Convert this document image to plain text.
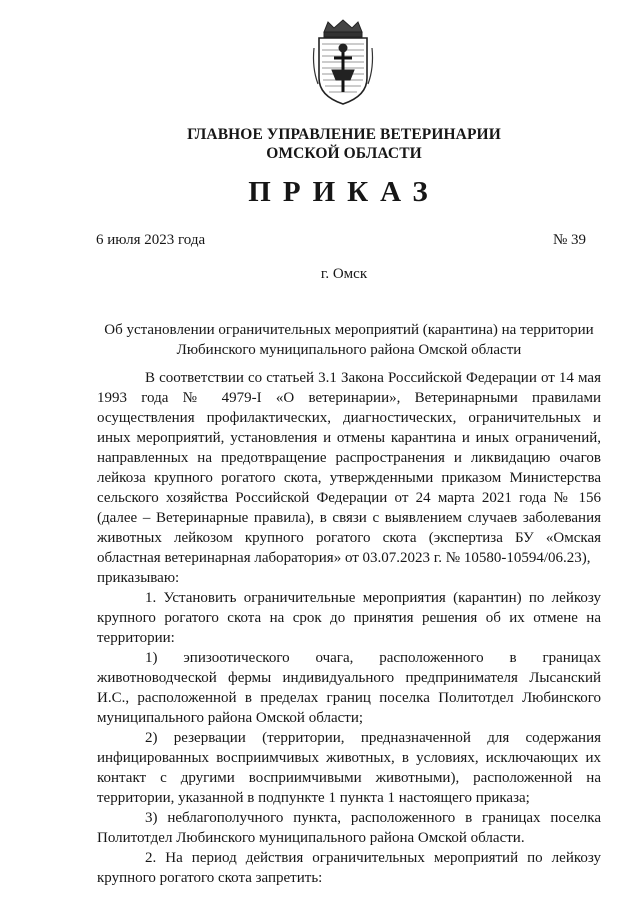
ГЛАВНОЕ УПРАВЛЕНИЕ ВЕТЕРИНАРИИ
ОМСКОЙ ОБЛАСТИ
ПРИКАЗ
6 июля 2023 года	№ 39
г. Омск
Об установлении ограничительных мероприятий (карантина) на территории Любинского муниципального района Омской области

В соответствии со статьей 3.1 Закона Российской Федерации от 14 мая 1993 года № 4979-I «О ветеринарии», Ветеринарными правилами осуществления профилактических, диагностических, ограничительных и иных мероприятий, установления и отмены карантина и иных ограничений, направленных на предотвращение распространения и ликвидацию очагов лейкоза крупного рогатого скота, утвержденными приказом Министерства сельского хозяйства Российской Федерации от 24 марта 2021 года № 156 (далее – Ветеринарные правила), в связи с выявлением случаев заболевания животных лейкозом крупного рогатого скота (экспертиза БУ «Омская областная ветеринарная лаборатория» от 03.07.2023 г. № 10580-10594/06.23),

приказываю:

1. Установить ограничительные мероприятия (карантин) по лейкозу крупного рогатого скота на срок до принятия решения об их отмене на территории:

1) эпизоотического очага, расположенного в границах животноводческой фермы индивидуального предпринимателя Лысанский И.С., расположенной в пределах границ поселка Политотдел Любинского муниципального района Омской области;

2) резервации (территории, предназначенной для содержания инфицированных восприимчивых животных, в условиях, исключающих их контакт с другими восприимчивыми животными), расположенной на территории, указанной в подпункте 1 пункта 1 настоящего приказа;

3) неблагополучного пункта, расположенного в границах поселка Политотдел Любинского муниципального района Омской области.

2. На период действия ограничительных мероприятий по лейкозу крупного рогатого скота запретить:
